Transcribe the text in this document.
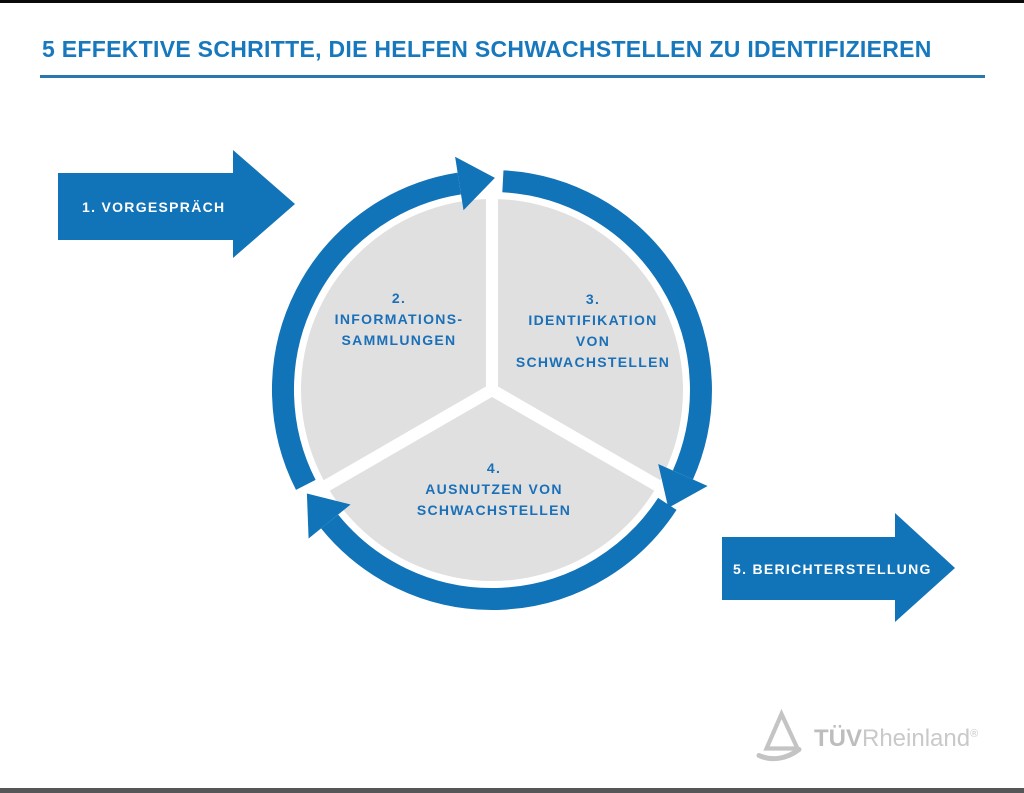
5 EFFEKTIVE SCHRITTE, DIE HELFEN SCHWACHSTELLEN ZU IDENTIFIZIEREN
1. VORGESPRÄCH
5. BERICHTERSTELLUNG
2.
INFORMATIONS-
SAMMLUNGEN
3.
IDENTIFIKATION
VON
SCHWACHSTELLEN
4.
AUSNUTZEN VON
SCHWACHSTELLEN
TÜVRheinland®
